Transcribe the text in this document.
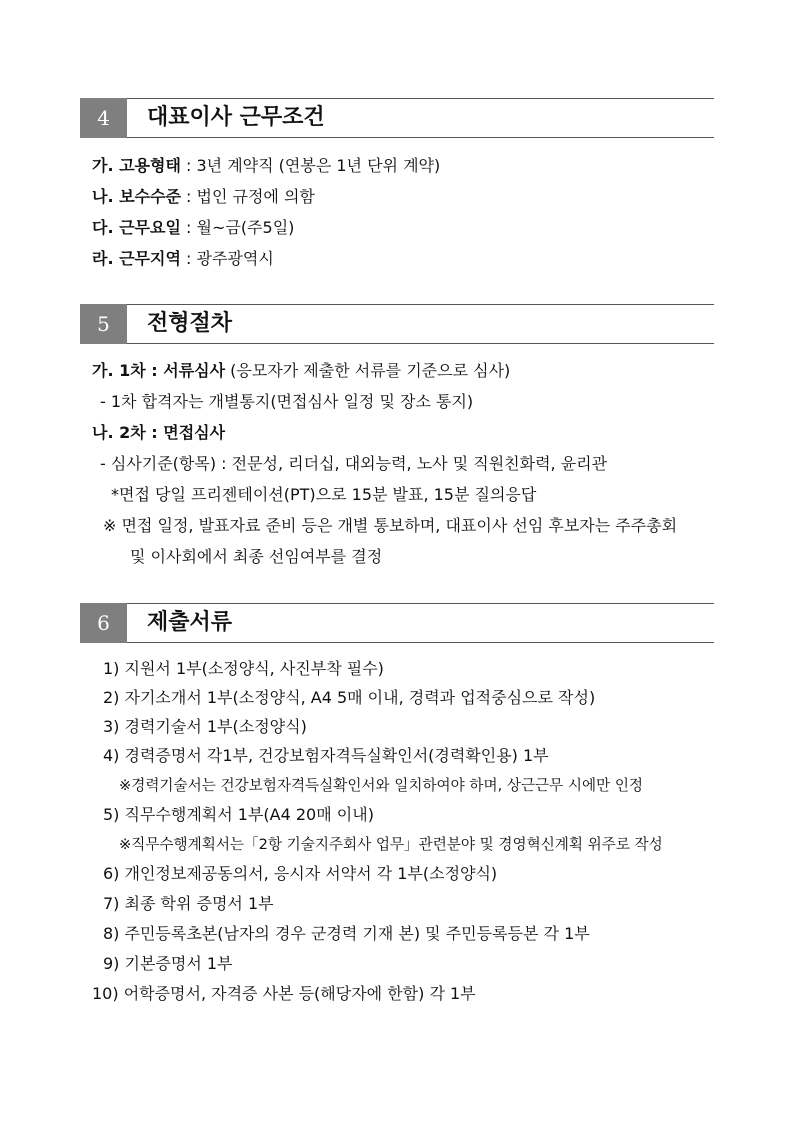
4	대표이사 근무조건
가. 고용형태 : 3년 계약직 (연봉은 1년 단위 계약)
나. 보수수준 : 법인 규정에 의함
다. 근무요일 : 월~금(주5일)
라. 근무지역 : 광주광역시
5	전형절차
가. 1차 : 서류심사 (응모자가 제출한 서류를 기준으로 심사)
- 1차 합격자는 개별통지(면접심사 일정 및 장소 통지)
나. 2차 : 면접심사
- 심사기준(항목) : 전문성, 리더십, 대외능력, 노사 및 직원친화력, 윤리관
*면접 당일 프리젠테이션(PT)으로 15분 발표, 15분 질의응답
※ 면접 일정, 발표자료 준비 등은 개별 통보하며, 대표이사 선임 후보자는 주주총회
및 이사회에서 최종 선임여부를 결정
6	제출서류
1) 지원서 1부(소정양식, 사진부착 필수)
2) 자기소개서 1부(소정양식, A4 5매 이내, 경력과 업적중심으로 작성)
3) 경력기술서 1부(소정양식)
4) 경력증명서 각1부, 건강보험자격득실확인서(경력확인용) 1부
※경력기술서는 건강보험자격득실확인서와 일치하여야 하며, 상근근무 시에만 인정
5) 직무수행계획서 1부(A4 20매 이내)
※직무수행계획서는「2항 기술지주회사 업무」관련분야 및 경영혁신계획 위주로 작성
6) 개인정보제공동의서, 응시자 서약서 각 1부(소정양식)
7) 최종 학위 증명서 1부
8) 주민등록초본(남자의 경우 군경력 기재 본) 및 주민등록등본 각 1부
9) 기본증명서 1부
10) 어학증명서, 자격증 사본 등(해당자에 한함) 각 1부
